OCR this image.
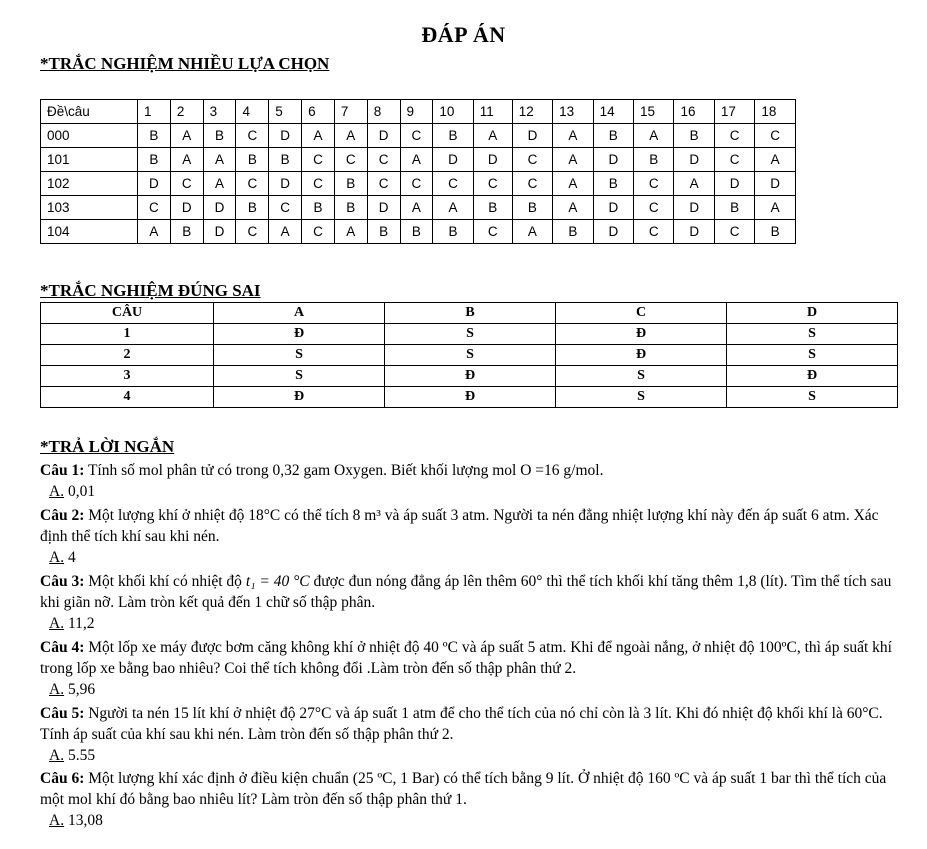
ĐÁP ÁN
*TRẮC NGHIỆM NHIỀU LỰA CHỌN
Đề\câu	1	2	3	4	5	6	7	8	9	10	11	12	13	14	15	16	17	18
000	B	A	B	C	D	A	A	D	C	B	A	D	A	B	A	B	C	C
101	B	A	A	B	B	C	C	C	A	D	D	C	A	D	B	D	C	A
102	D	C	A	C	D	C	B	C	C	C	C	C	A	B	C	A	D	D
103	C	D	D	B	C	B	B	D	A	A	B	B	A	D	C	D	B	A
104	A	B	D	C	A	C	A	B	B	B	C	A	B	D	C	D	C	B
*TRẮC NGHIỆM ĐÚNG SAI
CÂU	A	B	C	D
1	Đ	S	Đ	S
2	S	S	Đ	S
3	S	Đ	S	Đ
4	Đ	Đ	S	S
*TRẢ LỜI NGẮN
Câu 1: Tính số mol phân tử có trong 0,32 gam Oxygen. Biết khối lượng mol O =16 g/mol.
A. 0,01
Câu 2: Một lượng khí ở nhiệt độ 18°C có thể tích 8 m³ và áp suất 3 atm. Người ta nén đẳng nhiệt lượng khí này đến áp suất 6 atm. Xác định thể tích khí sau khi nén.
A. 4
Câu 3: Một khối khí có nhiệt độ t₁ = 40 °C được đun nóng đẳng áp lên thêm 60° thì thể tích khối khí tăng thêm 1,8 (lít). Tìm thể tích sau khi giãn nỡ. Làm tròn kết quả đến 1 chữ số thập phân.
A. 11,2
Câu 4: Một lốp xe máy được bơm căng không khí ở nhiệt độ 40 ºC và áp suất 5 atm. Khi để ngoài nắng, ở nhiệt độ 100ºC, thì áp suất khí trong lốp xe bằng bao nhiêu? Coi thể tích không đổi .Làm tròn đến số thập phân thứ 2.
A. 5,96
Câu 5: Người ta nén 15 lít khí ở nhiệt độ 27°C và áp suất 1 atm để cho thể tích của nó chỉ còn là 3 lít. Khi đó nhiệt độ khối khí là 60°C. Tính áp suất của khí sau khi nén. Làm tròn đến số thập phân thứ 2.
A. 5.55
Câu 6: Một lượng khí xác định ở điều kiện chuẩn (25 ºC, 1 Bar) có thể tích bằng 9 lít. Ở nhiệt độ 160 ºC và áp suất 1 bar thì thể tích của một mol khí đó bằng bao nhiêu lít? Làm tròn đến số thập phân thứ 1.
A. 13,08
